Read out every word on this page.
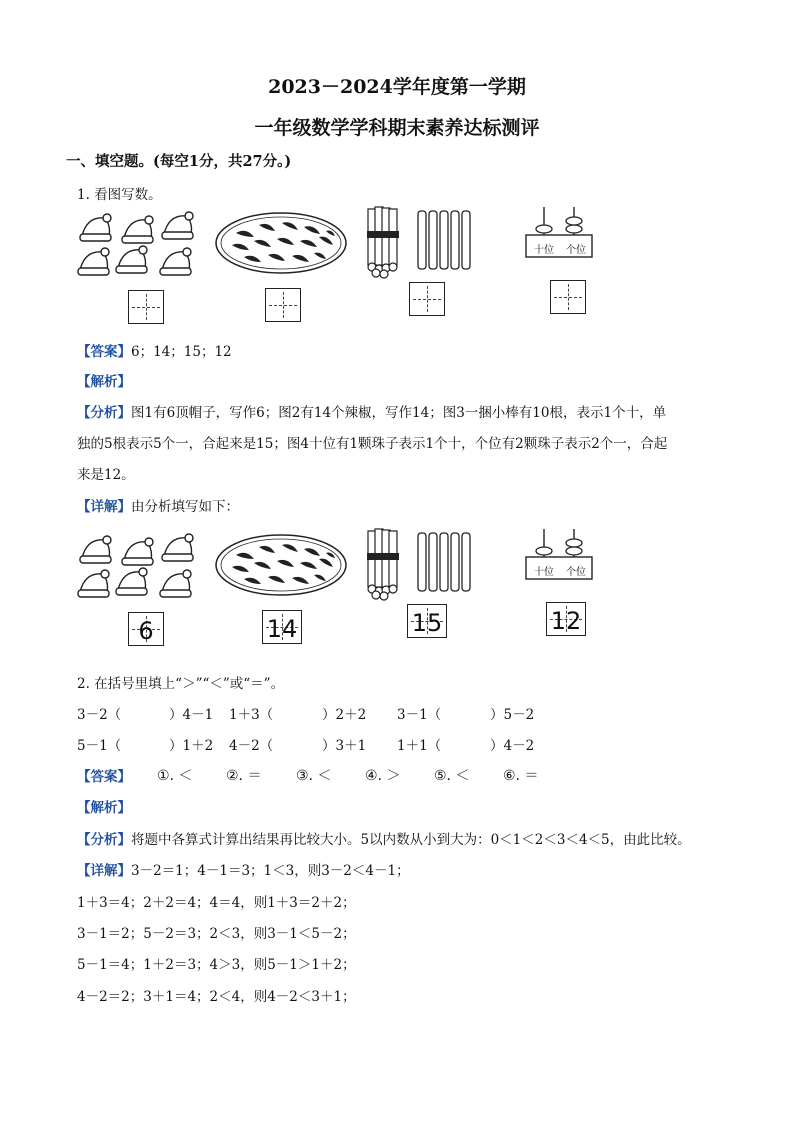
2023－2024学年度第一学期
一年级数学学科期末素养达标测评
一、填空题。(每空1分，共27分。)
1. 看图写数。
十位 个位
【答案】6；14；15；12
【解析】
【分析】图1有6顶帽子，写作6；图2有14个辣椒，写作14；图3一捆小棒有10根，表示1个十，单
独的5根表示5个一，合起来是15；图4十位有1颗珠子表示1个十，个位有2颗珠子表示2个一，合起
来是12。
【详解】由分析填写如下：
十位 个位
6	14	15	12
2. 在括号里填上“＞”“＜”或“＝”。
3－2（	）4－1 1＋3（	）2＋2 3－1（	）5－2
5－1（	）1＋2 4－2（	）3＋1 1＋1（	）4－2
【答案】 ①. ＜ ②. ＝ ③. ＜ ④. ＞ ⑤. ＜ ⑥. ＝
【解析】
【分析】将题中各算式计算出结果再比较大小。5以内数从小到大为：0＜1＜2＜3＜4＜5，由此比较。
【详解】3－2＝1；4－1＝3；1＜3，则3－2＜4－1；
1＋3＝4；2＋2＝4；4＝4，则1＋3＝2＋2；
3－1＝2；5－2＝3；2＜3，则3－1＜5－2；
5－1＝4；1＋2＝3；4＞3，则5－1＞1＋2；
4－2＝2；3＋1＝4；2＜4，则4－2＜3＋1；
